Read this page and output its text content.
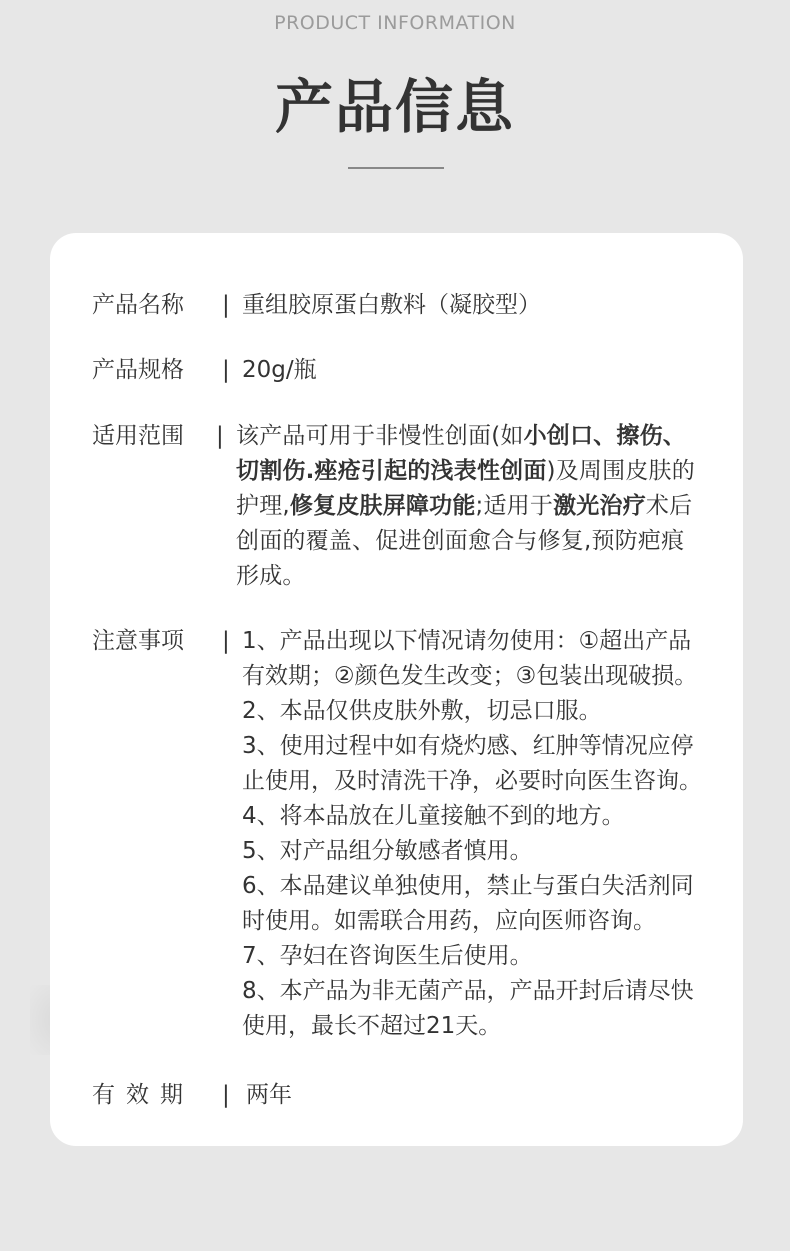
PRODUCT INFORMATION
产品信息
产品名称	| 重组胶原蛋白敷料（凝胶型）
产品规格	| 20g/瓶
适用范围	| 该产品可用于非慢性创面(如小创口、擦伤、切割伤.痤疮引起的浅表性创面)及周围皮肤的护理,修复皮肤屏障功能;适用于激光治疗术后创面的覆盖、促进创面愈合与修复,预防疤痕形成。
注意事项	| 1、产品出现以下情况请勿使用：①超出产品
有效期；②颜色发生改变；③包装出现破损。
2、本品仅供皮肤外敷，切忌口服。
3、使用过程中如有烧灼感、红肿等情况应停
止使用，及时清洗干净，必要时向医生咨询。
4、将本品放在儿童接触不到的地方。
5、对产品组分敏感者慎用。
6、本品建议单独使用，禁止与蛋白失活剂同
时使用。如需联合用药，应向医师咨询。
7、孕妇在咨询医生后使用。
8、本产品为非无菌产品，产品开封后请尽快
使用，最长不超过21天。
有效期	| 两年
